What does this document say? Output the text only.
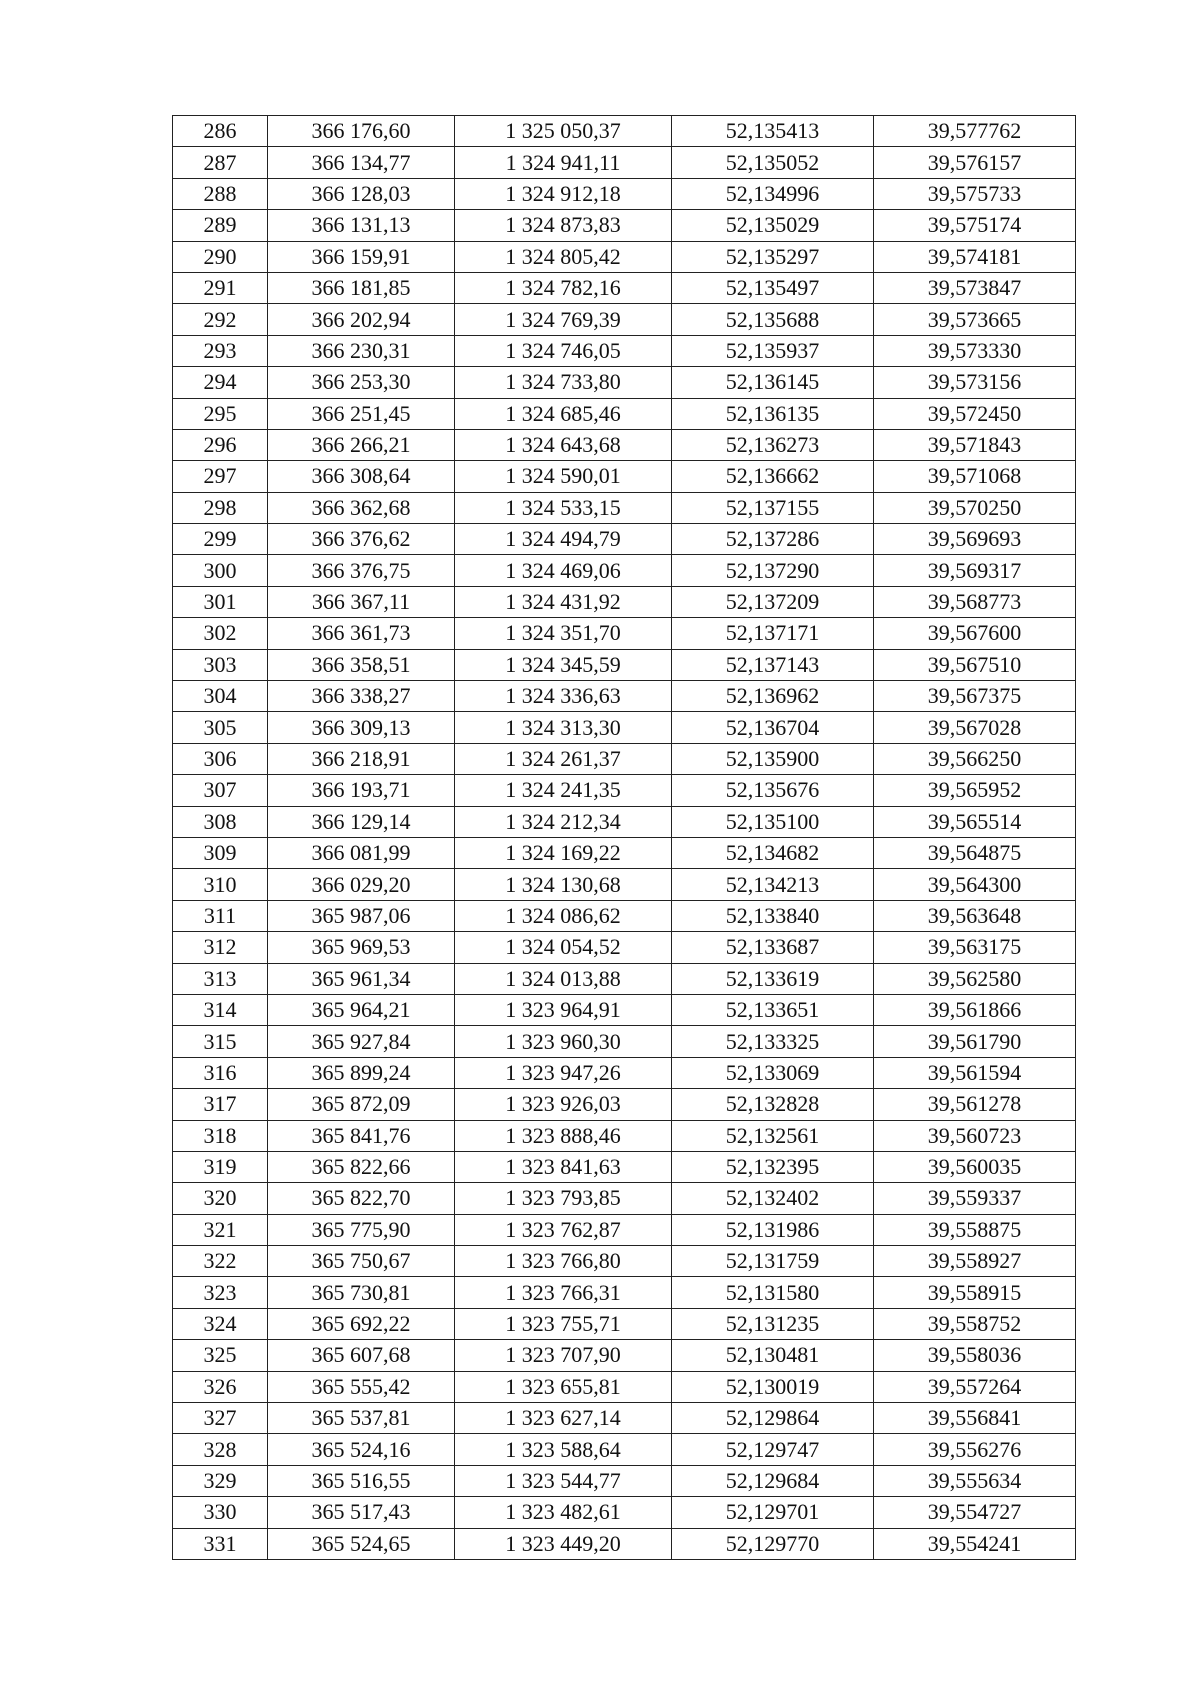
286	366 176,60	1 325 050,37	52,135413	39,577762
287	366 134,77	1 324 941,11	52,135052	39,576157
288	366 128,03	1 324 912,18	52,134996	39,575733
289	366 131,13	1 324 873,83	52,135029	39,575174
290	366 159,91	1 324 805,42	52,135297	39,574181
291	366 181,85	1 324 782,16	52,135497	39,573847
292	366 202,94	1 324 769,39	52,135688	39,573665
293	366 230,31	1 324 746,05	52,135937	39,573330
294	366 253,30	1 324 733,80	52,136145	39,573156
295	366 251,45	1 324 685,46	52,136135	39,572450
296	366 266,21	1 324 643,68	52,136273	39,571843
297	366 308,64	1 324 590,01	52,136662	39,571068
298	366 362,68	1 324 533,15	52,137155	39,570250
299	366 376,62	1 324 494,79	52,137286	39,569693
300	366 376,75	1 324 469,06	52,137290	39,569317
301	366 367,11	1 324 431,92	52,137209	39,568773
302	366 361,73	1 324 351,70	52,137171	39,567600
303	366 358,51	1 324 345,59	52,137143	39,567510
304	366 338,27	1 324 336,63	52,136962	39,567375
305	366 309,13	1 324 313,30	52,136704	39,567028
306	366 218,91	1 324 261,37	52,135900	39,566250
307	366 193,71	1 324 241,35	52,135676	39,565952
308	366 129,14	1 324 212,34	52,135100	39,565514
309	366 081,99	1 324 169,22	52,134682	39,564875
310	366 029,20	1 324 130,68	52,134213	39,564300
311	365 987,06	1 324 086,62	52,133840	39,563648
312	365 969,53	1 324 054,52	52,133687	39,563175
313	365 961,34	1 324 013,88	52,133619	39,562580
314	365 964,21	1 323 964,91	52,133651	39,561866
315	365 927,84	1 323 960,30	52,133325	39,561790
316	365 899,24	1 323 947,26	52,133069	39,561594
317	365 872,09	1 323 926,03	52,132828	39,561278
318	365 841,76	1 323 888,46	52,132561	39,560723
319	365 822,66	1 323 841,63	52,132395	39,560035
320	365 822,70	1 323 793,85	52,132402	39,559337
321	365 775,90	1 323 762,87	52,131986	39,558875
322	365 750,67	1 323 766,80	52,131759	39,558927
323	365 730,81	1 323 766,31	52,131580	39,558915
324	365 692,22	1 323 755,71	52,131235	39,558752
325	365 607,68	1 323 707,90	52,130481	39,558036
326	365 555,42	1 323 655,81	52,130019	39,557264
327	365 537,81	1 323 627,14	52,129864	39,556841
328	365 524,16	1 323 588,64	52,129747	39,556276
329	365 516,55	1 323 544,77	52,129684	39,555634
330	365 517,43	1 323 482,61	52,129701	39,554727
331	365 524,65	1 323 449,20	52,129770	39,554241
